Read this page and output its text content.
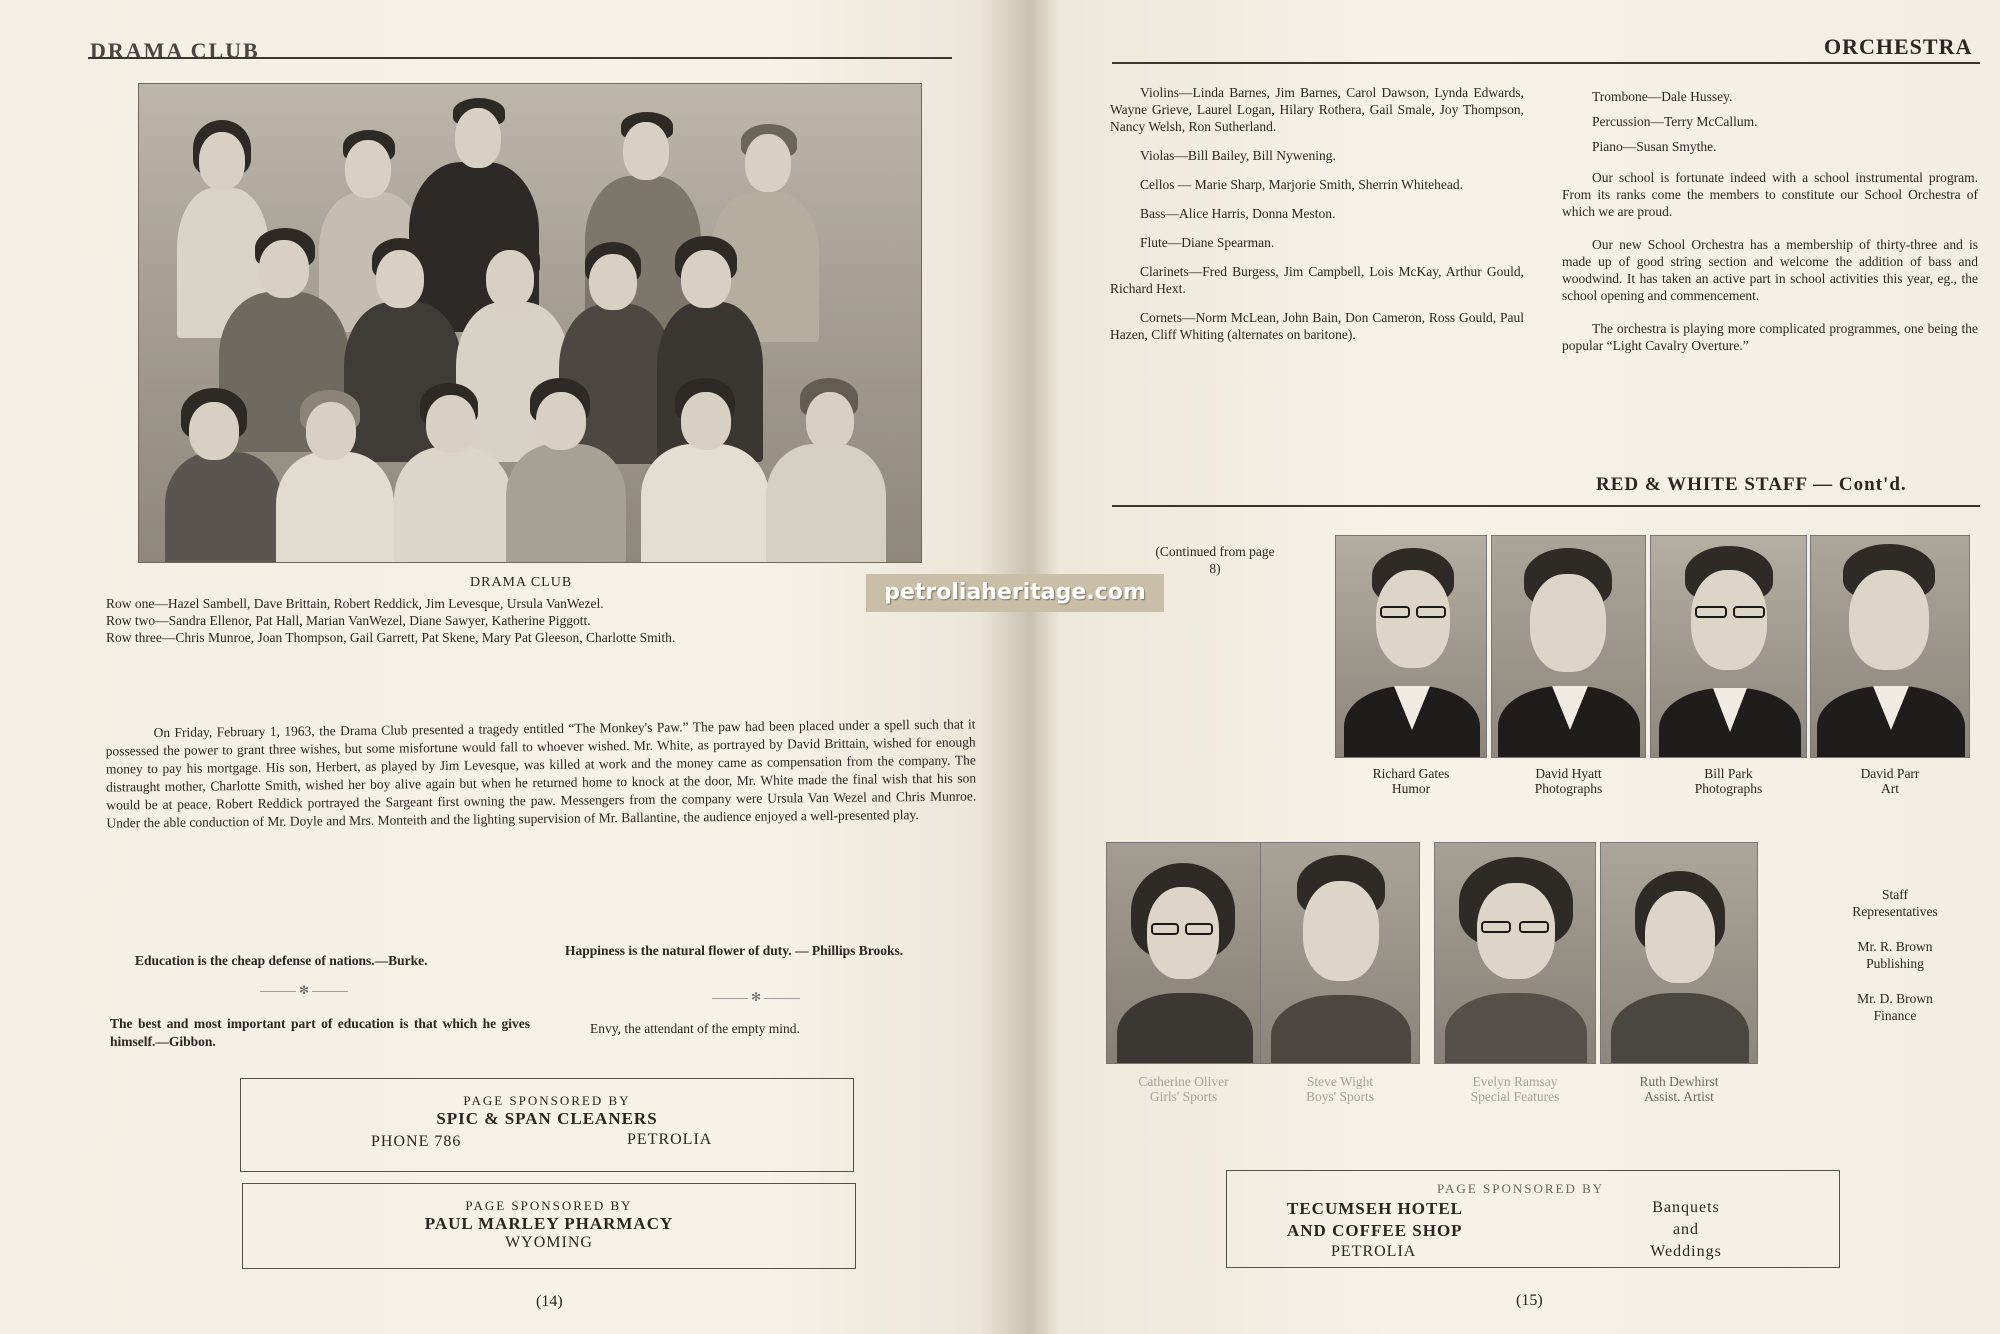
DRAMA CLUB
DRAMA CLUB
Row one—Hazel Sambell, Dave Brittain, Robert Reddick, Jim Levesque, Ursula VanWezel.
Row two—Sandra Ellenor, Pat Hall, Marian VanWezel, Diane Sawyer, Katherine Piggott.
Row three—Chris Munroe, Joan Thompson, Gail Garrett, Pat Skene, Mary Pat Gleeson, Charlotte Smith.
On Friday, February 1, 1963, the Drama Club presented a tragedy entitled “The Monkey's Paw.” The paw had been placed under a spell such that it possessed the power to grant three wishes, but some misfortune would fall to whoever wished. Mr. White, as portrayed by David Brittain, wished for enough money to pay his mortgage. His son, Herbert, as played by Jim Levesque, was killed at work and the money came as compensation from the company. The distraught mother, Charlotte Smith, wished her boy alive again but when he returned home to knock at the door, Mr. White made the final wish that his son would be at peace. Robert Reddick portrayed the Sargeant first owning the paw. Messengers from the company were Ursula Van Wezel and Chris Munroe. Under the able conduction of Mr. Doyle and Mrs. Monteith and the lighting supervision of Mr. Ballantine, the audience enjoyed a well-presented play.
Education is the cheap defense of nations.—Burke.
——— ✻ ———
The best and most important part of education is that which he gives himself.—Gibbon.
Happiness is the natural flower of duty. — Phillips Brooks.
——— ✻ ———
Envy, the attendant of the empty mind.
PAGE SPONSORED BY
SPIC & SPAN CLEANERS
PHONE 786	PETROLIA
PAGE SPONSORED BY
PAUL MARLEY PHARMACY
WYOMING
(14)
petroliaheritage.com
ORCHESTRA

Violins—Linda Barnes, Jim Barnes, Carol Dawson, Lynda Edwards, Wayne Grieve, Laurel Logan, Hilary Rothera, Gail Smale, Joy Thompson, Nancy Welsh, Ron Sutherland.

Violas—Bill Bailey, Bill Nywening.

Cellos — Marie Sharp, Marjorie Smith, Sherrin Whitehead.

Bass—Alice Harris, Donna Meston.

Flute—Diane Spearman.

Clarinets—Fred Burgess, Jim Campbell, Lois McKay, Arthur Gould, Richard Hext.

Cornets—Norm McLean, John Bain, Don Cameron, Ross Gould, Paul Hazen, Cliff Whiting (alternates on baritone).

Trombone—Dale Hussey.

Percussion—Terry McCallum.

Piano—Susan Smythe.

Our school is fortunate indeed with a school instrumental program. From its ranks come the members to constitute our School Orchestra of which we are proud.

Our new School Orchestra has a membership of thirty-three and is made up of good string section and welcome the addition of bass and woodwind. It has taken an active part in school activities this year, eg., the school opening and commencement.

The orchestra is playing more complicated programmes, one being the popular “Light Cavalry Overture.”

RED & WHITE STAFF — Cont'd.
(Continued from page 8)
Richard Gates
Humor
David Hyatt
Photographs
Bill Park
Photographs
David Parr
Art
Catherine Oliver
Girls' Sports
Steve Wight
Boys' Sports
Evelyn Ramsay
Special Features
Ruth Dewhirst
Assist. Artist
Staff
Representatives
Mr. R. Brown
Publishing
Mr. D. Brown
Finance
PAGE SPONSORED BY
TECUMSEH HOTEL
AND COFFEE SHOP
PETROLIA
Banquets
and
Weddings
(15)
